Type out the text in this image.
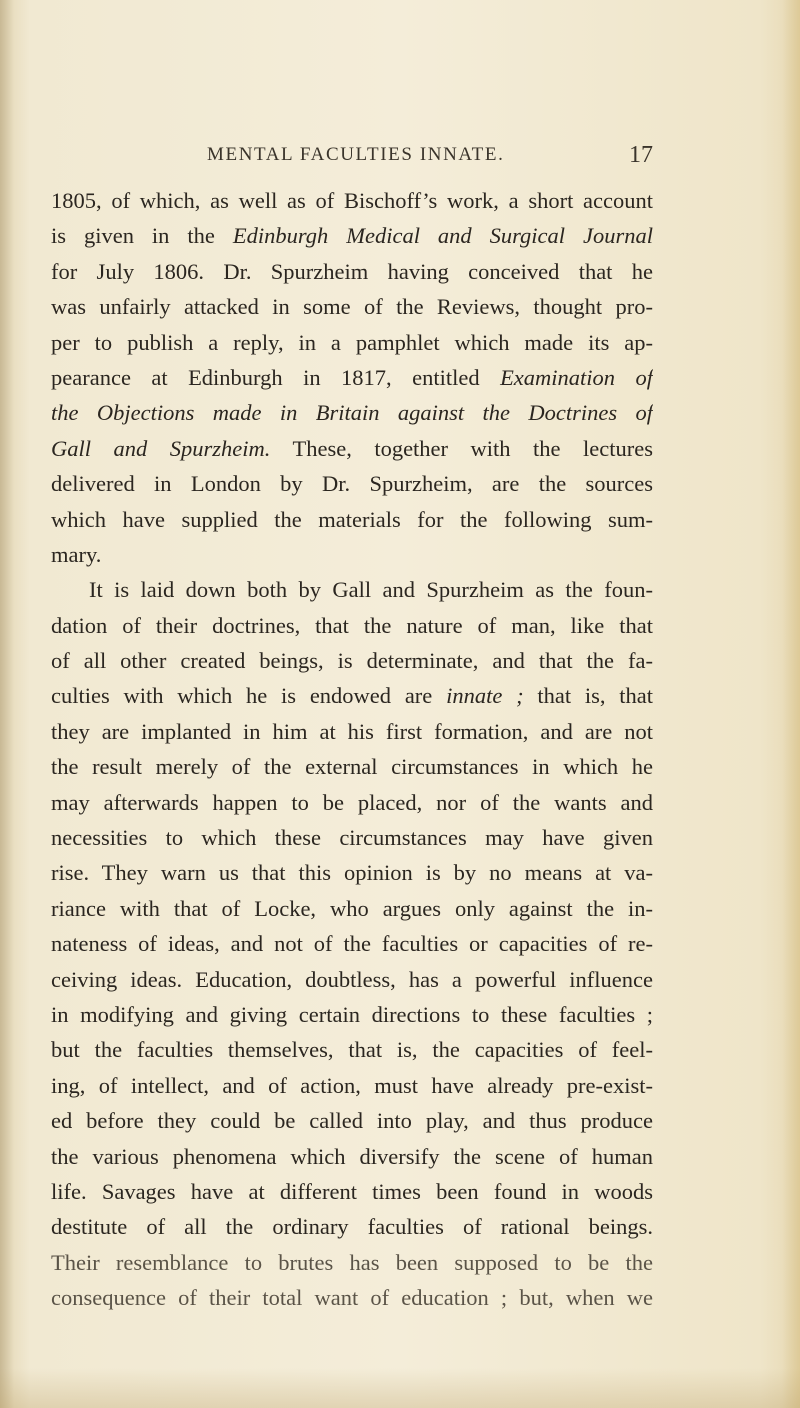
MENTAL FACULTIES INNATE.	17
1805, of which, as well as of Bischoff’s work, a short account
is given in the Edinburgh Medical and Surgical Journal
for July 1806. Dr. Spurzheim having conceived that he
was unfairly attacked in some of the Reviews, thought pro-
per to publish a reply, in a pamphlet which made its ap-
pearance at Edinburgh in 1817, entitled Examination of
the Objections made in Britain against the Doctrines of
Gall and Spurzheim. These, together with the lectures
delivered in London by Dr. Spurzheim, are the sources
which have supplied the materials for the following sum-
mary.
It is laid down both by Gall and Spurzheim as the foun-
dation of their doctrines, that the nature of man, like that
of all other created beings, is determinate, and that the fa-
culties with which he is endowed are innate ; that is, that
they are implanted in him at his first formation, and are not
the result merely of the external circumstances in which he
may afterwards happen to be placed, nor of the wants and
necessities to which these circumstances may have given
rise. They warn us that this opinion is by no means at va-
riance with that of Locke, who argues only against the in-
nateness of ideas, and not of the faculties or capacities of re-
ceiving ideas. Education, doubtless, has a powerful influence
in modifying and giving certain directions to these faculties ;
but the faculties themselves, that is, the capacities of feel-
ing, of intellect, and of action, must have already pre-exist-
ed before they could be called into play, and thus produce
the various phenomena which diversify the scene of human
life. Savages have at different times been found in woods
destitute of all the ordinary faculties of rational beings.
Their resemblance to brutes has been supposed to be the
consequence of their total want of education ; but, when we
